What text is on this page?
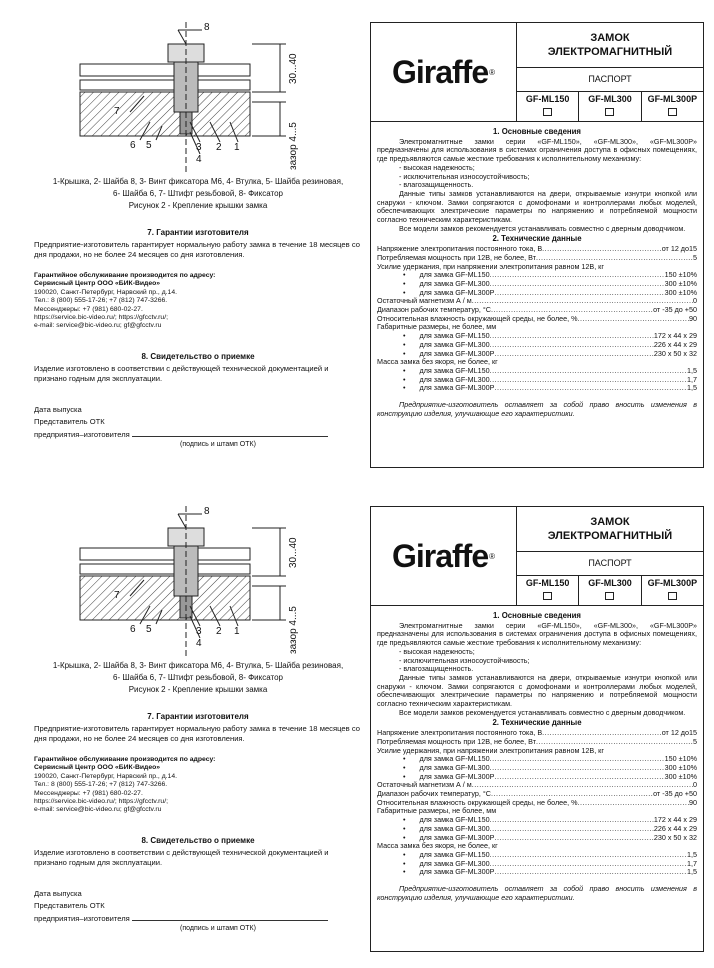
8
7
6 5	3 2 1
4
30...40
зазор 4...5
1-Крышка, 2- Шайба 8, 3- Винт фиксатора М6, 4- Втулка, 5- Шайба резиновая,
6- Шайба 6, 7- Штифт резьбовой, 8- Фиксатор
Рисунок 2 - Крепление крышки замка
7. Гарантии изготовителя
Предприятие-изготовитель гарантирует нормальную работу замка в течение 18 месяцев со дня продажи, но не более 24 месяцев со дня изготовления.
Гарантийное обслуживание производится по адресу:
Сервисный Центр ООО «БИК-Видео»
190020, Санкт-Петербург, Нарвский пр., д.14.
Тел.: 8 (800) 555-17-26; +7 (812) 747-3266.
Мессенджеры: +7 (981) 680-02-27.
https://service.bic-video.ru/; https://gfcctv.ru/;
e-mail: service@bic-video.ru; gf@gfcctv.ru
8. Свидетельство о приемке
Изделие изготовлено в соответствии с действующей технической документацией и признано годным для эксплуатации.
Дата выпуска
Представитель ОТК
предприятия–изготовителя
(подпись и штамп ОТК)
Giraffe ®
ЗАМОК
ЭЛЕКТРОМАГНИТНЫЙ
ПАСПОРТ
GF-ML150 GF-ML300 GF-ML300P
1. Основные сведения
Электромагнитные замки серии «GF-ML150», «GF-ML300», «GF-ML300P» предназначены для использования в системах ограничения доступа в офисных помещениях, где предъявляются самые жесткие требования к исполнительному механизму:
- высокая надежность;
- исключительная износоустойчивость;
- влагозащищенность.
Данные типы замков устанавливаются на двери, открываемые изнутри кнопкой или снаружи - ключом. Замки сопрягаются с домофонами и контроллерами любых моделей, обеспечивающих электрические параметры по напряжению и потребляемой мощности согласно техническим характеристикам.
Все модели замков рекомендуется устанавливать совместно с дверным доводчиком.
2. Технические данные
Напряжение электропитания постоянного тока, В .....	от 12 до15
Потребляемая мощность при 12В, не более, Вт .....	5
Усилие удержания, при напряжении электропитания равном 12В, кг
•       для замка GF-ML150 .....	150 ±10%
•       для замка GF-ML300 .....	300 ±10%
•       для замка GF-ML300P .....	300 ±10%
Остаточный магнетизм А / м .....	0
Диапазон рабочих температур, °С .....	от -35 до +50
Относительная влажность окружающей среды, не более, % .....	90
Габаритные размеры, не более, мм
•       для замка GF-ML150 .....	172 x 44 x 29
•       для замка GF-ML300 .....	226 x 44 x 29
•       для замка GF-ML300P .....	230 x 50 x 32
Масса замка без якоря, не более, кг
•       для замка GF-ML150 .....	1,5
•       для замка GF-ML300 .....	1,7
•       для замка GF-ML300P .....	1,5
Предприятие-изготовитель оставляет за собой право вносить изменения в конструкцию изделия, улучшающие его характеристики.
8
7
6 5	3 2 1
4
30...40
зазор 4...5
1-Крышка, 2- Шайба 8, 3- Винт фиксатора М6, 4- Втулка, 5- Шайба резиновая,
6- Шайба 6, 7- Штифт резьбовой, 8- Фиксатор
Рисунок 2 - Крепление крышки замка
7. Гарантии изготовителя
Предприятие-изготовитель гарантирует нормальную работу замка в течение 18 месяцев со дня продажи, но не более 24 месяцев со дня изготовления.
Гарантийное обслуживание производится по адресу:
Сервисный Центр ООО «БИК-Видео»
190020, Санкт-Петербург, Нарвский пр., д.14.
Тел.: 8 (800) 555-17-26; +7 (812) 747-3266.
Мессенджеры: +7 (981) 680-02-27.
https://service.bic-video.ru/; https://gfcctv.ru/;
e-mail: service@bic-video.ru; gf@gfcctv.ru
8. Свидетельство о приемке
Изделие изготовлено в соответствии с действующей технической документацией и признано годным для эксплуатации.
Дата выпуска
Представитель ОТК
предприятия–изготовителя
(подпись и штамп ОТК)
Giraffe ®
ЗАМОК
ЭЛЕКТРОМАГНИТНЫЙ
ПАСПОРТ
GF-ML150 GF-ML300 GF-ML300P
1. Основные сведения
Электромагнитные замки серии «GF-ML150», «GF-ML300», «GF-ML300P» предназначены для использования в системах ограничения доступа в офисных помещениях, где предъявляются самые жесткие требования к исполнительному механизму:
- высокая надежность;
- исключительная износоустойчивость;
- влагозащищенность.
Данные типы замков устанавливаются на двери, открываемые изнутри кнопкой или снаружи - ключом. Замки сопрягаются с домофонами и контроллерами любых моделей, обеспечивающих электрические параметры по напряжению и потребляемой мощности согласно техническим характеристикам.
Все модели замков рекомендуется устанавливать совместно с дверным доводчиком.
2. Технические данные
Напряжение электропитания постоянного тока, В .....	от 12 до15
Потребляемая мощность при 12В, не более, Вт .....	5
Усилие удержания, при напряжении электропитания равном 12В, кг
•       для замка GF-ML150 .....	150 ±10%
•       для замка GF-ML300 .....	300 ±10%
•       для замка GF-ML300P .....	300 ±10%
Остаточный магнетизм А / м .....	0
Диапазон рабочих температур, °С .....	от -35 до +50
Относительная влажность окружающей среды, не более, % .....	90
Габаритные размеры, не более, мм
•       для замка GF-ML150 .....	172 x 44 x 29
•       для замка GF-ML300 .....	226 x 44 x 29
•       для замка GF-ML300P .....	230 x 50 x 32
Масса замка без якоря, не более, кг
•       для замка GF-ML150 .....	1,5
•       для замка GF-ML300 .....	1,7
•       для замка GF-ML300P .....	1,5
Предприятие-изготовитель оставляет за собой право вносить изменения в конструкцию изделия, улучшающие его характеристики.
